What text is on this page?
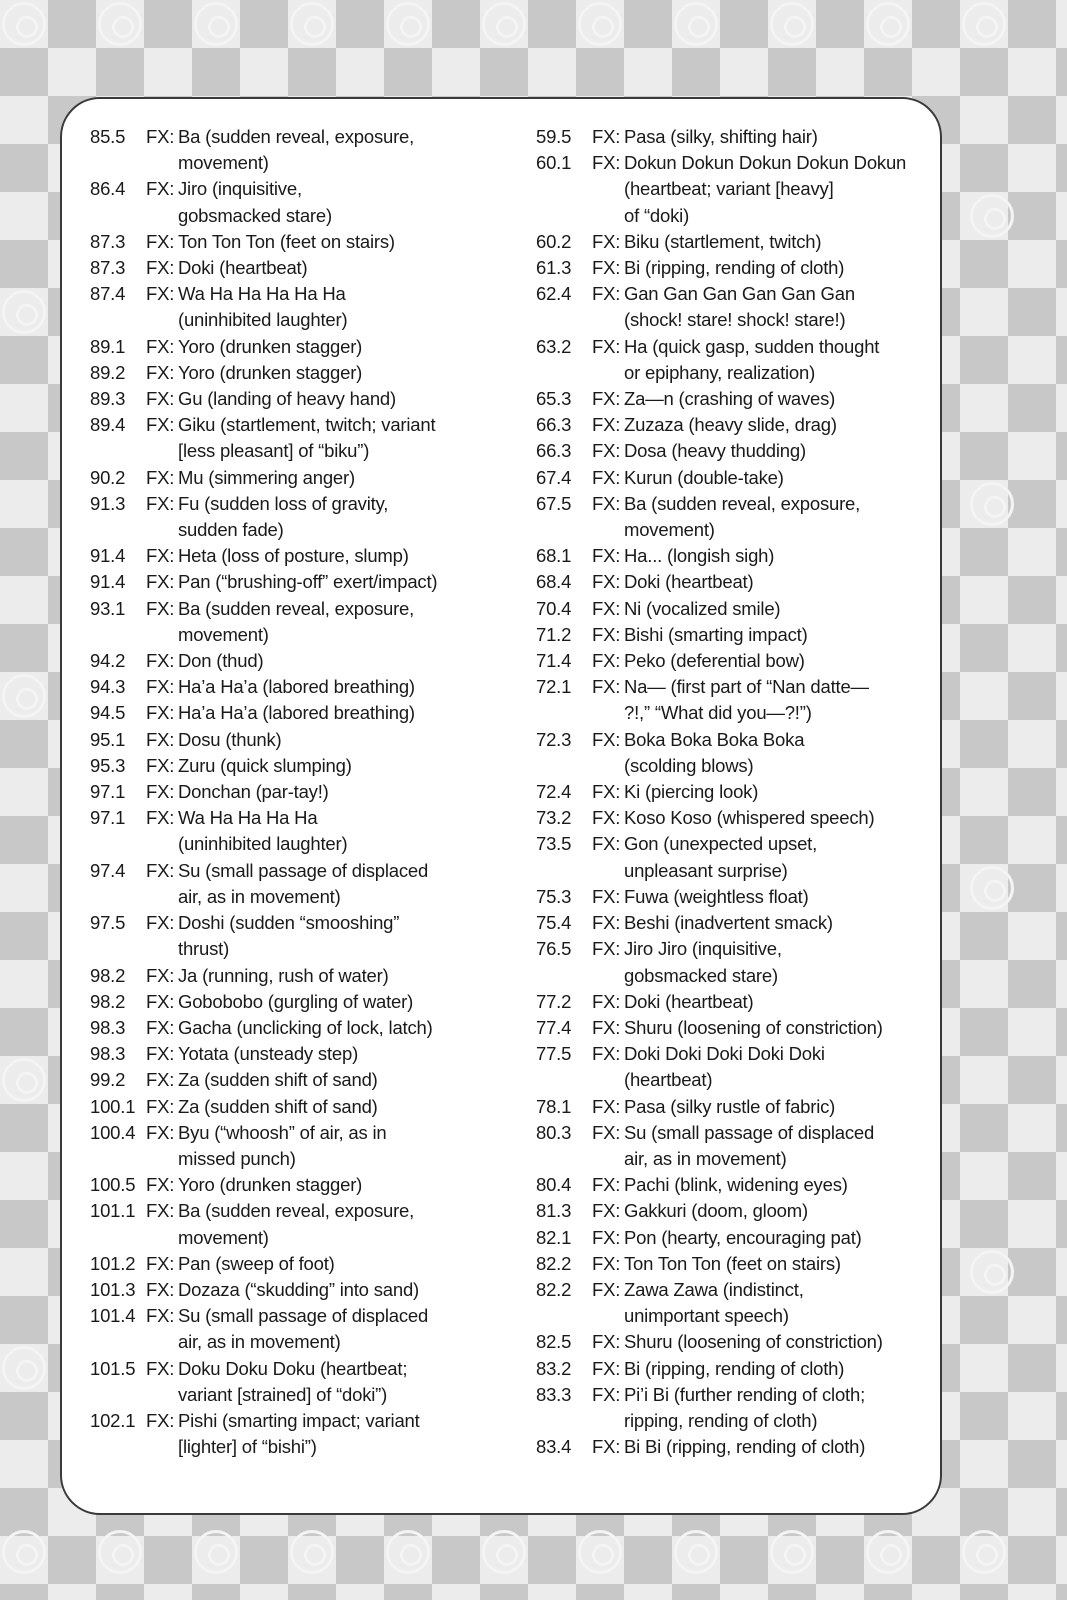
85.5	FX: Ba (sudden reveal, exposure,
movement)
86.4	FX: Jiro (inquisitive,
gobsmacked stare)
87.3	FX: Ton Ton Ton (feet on stairs)
87.3	FX: Doki (heartbeat)
87.4	FX: Wa Ha Ha Ha Ha Ha
(uninhibited laughter)
89.1	FX: Yoro (drunken stagger)
89.2	FX: Yoro (drunken stagger)
89.3	FX: Gu (landing of heavy hand)
89.4	FX: Giku (startlement, twitch; variant
[less pleasant] of “biku”)
90.2	FX: Mu (simmering anger)
91.3	FX: Fu (sudden loss of gravity,
sudden fade)
91.4	FX: Heta (loss of posture, slump)
91.4	FX: Pan (“brushing-off” exert/impact)
93.1	FX: Ba (sudden reveal, exposure,
movement)
94.2	FX: Don (thud)
94.3	FX: Ha’a Ha’a (labored breathing)
94.5	FX: Ha’a Ha’a (labored breathing)
95.1	FX: Dosu (thunk)
95.3	FX: Zuru (quick slumping)
97.1	FX: Donchan (par-tay!)
97.1	FX: Wa Ha Ha Ha Ha
(uninhibited laughter)
97.4	FX: Su (small passage of displaced
air, as in movement)
97.5	FX: Doshi (sudden “smooshing”
thrust)
98.2	FX: Ja (running, rush of water)
98.2	FX: Gobobobo (gurgling of water)
98.3	FX: Gacha (unclicking of lock, latch)
98.3	FX: Yotata (unsteady step)
99.2	FX: Za (sudden shift of sand)
100.1 FX: Za (sudden shift of sand)
100.4 FX: Byu (“whoosh” of air, as in
missed punch)
100.5 FX: Yoro (drunken stagger)
101.1 FX: Ba (sudden reveal, exposure,
movement)
101.2 FX: Pan (sweep of foot)
101.3 FX: Dozaza (“skudding” into sand)
101.4 FX: Su (small passage of displaced
air, as in movement)
101.5 FX: Doku Doku Doku (heartbeat;
variant [strained] of “doki”)
102.1 FX: Pishi (smarting impact; variant
[lighter] of “bishi”)
59.5	FX: Pasa (silky, shifting hair)
60.1	FX: Dokun Dokun Dokun Dokun Dokun
(heartbeat; variant [heavy]
of “doki)
60.2	FX: Biku (startlement, twitch)
61.3	FX: Bi (ripping, rending of cloth)
62.4	FX: Gan Gan Gan Gan Gan Gan
(shock! stare! shock! stare!)
63.2	FX: Ha (quick gasp, sudden thought
or epiphany, realization)
65.3	FX: Za—n (crashing of waves)
66.3	FX: Zuzaza (heavy slide, drag)
66.3	FX: Dosa (heavy thudding)
67.4	FX: Kurun (double-take)
67.5	FX: Ba (sudden reveal, exposure,
movement)
68.1	FX: Ha... (longish sigh)
68.4	FX: Doki (heartbeat)
70.4	FX: Ni (vocalized smile)
71.2	FX: Bishi (smarting impact)
71.4	FX: Peko (deferential bow)
72.1	FX: Na— (first part of “Nan datte—
?!,” “What did you—?!”)
72.3	FX: Boka Boka Boka Boka
(scolding blows)
72.4	FX: Ki (piercing look)
73.2	FX: Koso Koso (whispered speech)
73.5	FX: Gon (unexpected upset,
unpleasant surprise)
75.3	FX: Fuwa (weightless float)
75.4	FX: Beshi (inadvertent smack)
76.5	FX: Jiro Jiro (inquisitive,
gobsmacked stare)
77.2	FX: Doki (heartbeat)
77.4	FX: Shuru (loosening of constriction)
77.5	FX: Doki Doki Doki Doki Doki
(heartbeat)
78.1	FX: Pasa (silky rustle of fabric)
80.3	FX: Su (small passage of displaced
air, as in movement)
80.4	FX: Pachi (blink, widening eyes)
81.3	FX: Gakkuri (doom, gloom)
82.1	FX: Pon (hearty, encouraging pat)
82.2	FX: Ton Ton Ton (feet on stairs)
82.2	FX: Zawa Zawa (indistinct,
unimportant speech)
82.5	FX: Shuru (loosening of constriction)
83.2	FX: Bi (ripping, rending of cloth)
83.3	FX: Pi’i Bi (further rending of cloth;
ripping, rending of cloth)
83.4	FX: Bi Bi (ripping, rending of cloth)
